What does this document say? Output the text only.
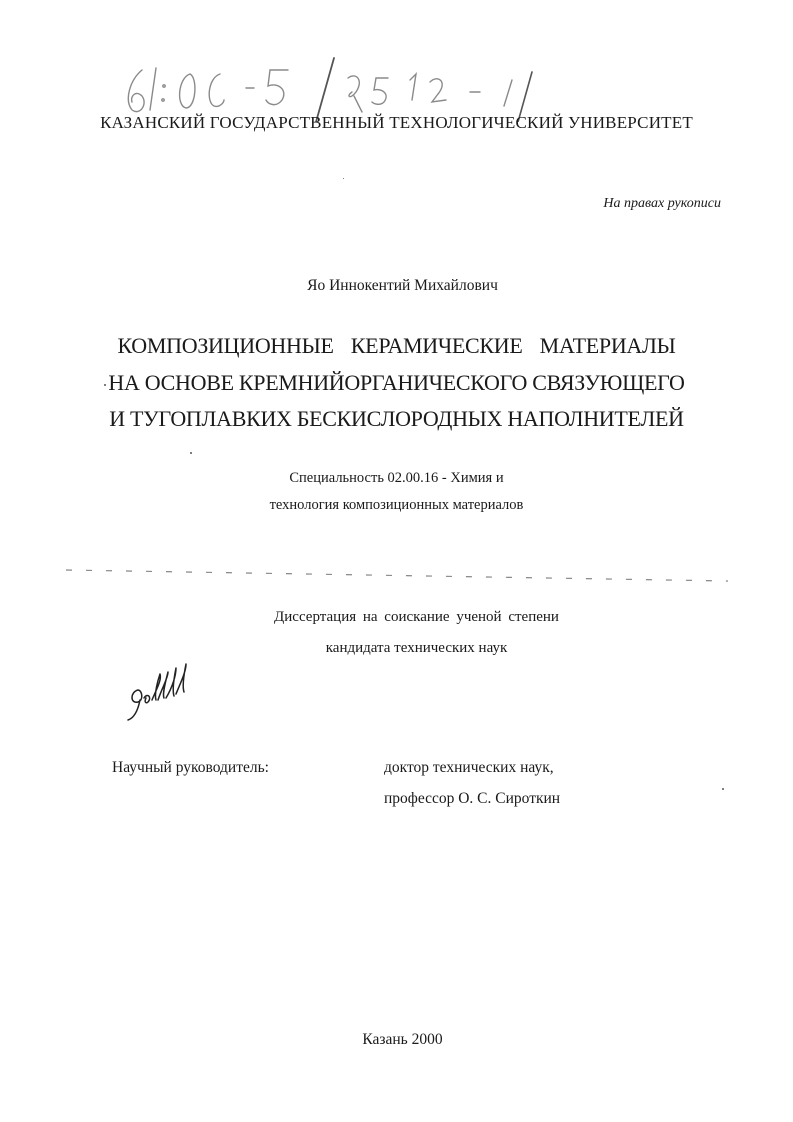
КАЗАНСКИЙ ГОСУДАРСТВЕННЫЙ ТЕХНОЛОГИЧЕСКИЙ УНИВЕРСИТЕТ
На правах рукописи
Яо Иннокентий Михайлович
КОМПОЗИЦИОННЫЕ КЕРАМИЧЕСКИЕ МАТЕРИАЛЫ
НА ОСНОВЕ КРЕМНИЙОРГАНИЧЕСКОГО СВЯЗУЮЩЕГО
И ТУГОПЛАВКИХ БЕСКИСЛОРОДНЫХ НАПОЛНИТЕЛЕЙ
Специальность 02.00.16 - Химия и
технология композиционных материалов
Диссертация на соискание ученой степени
кандидата технических наук
Научный руководитель:	доктор технических наук,
профессор О. С. Сироткин
Казань 2000
